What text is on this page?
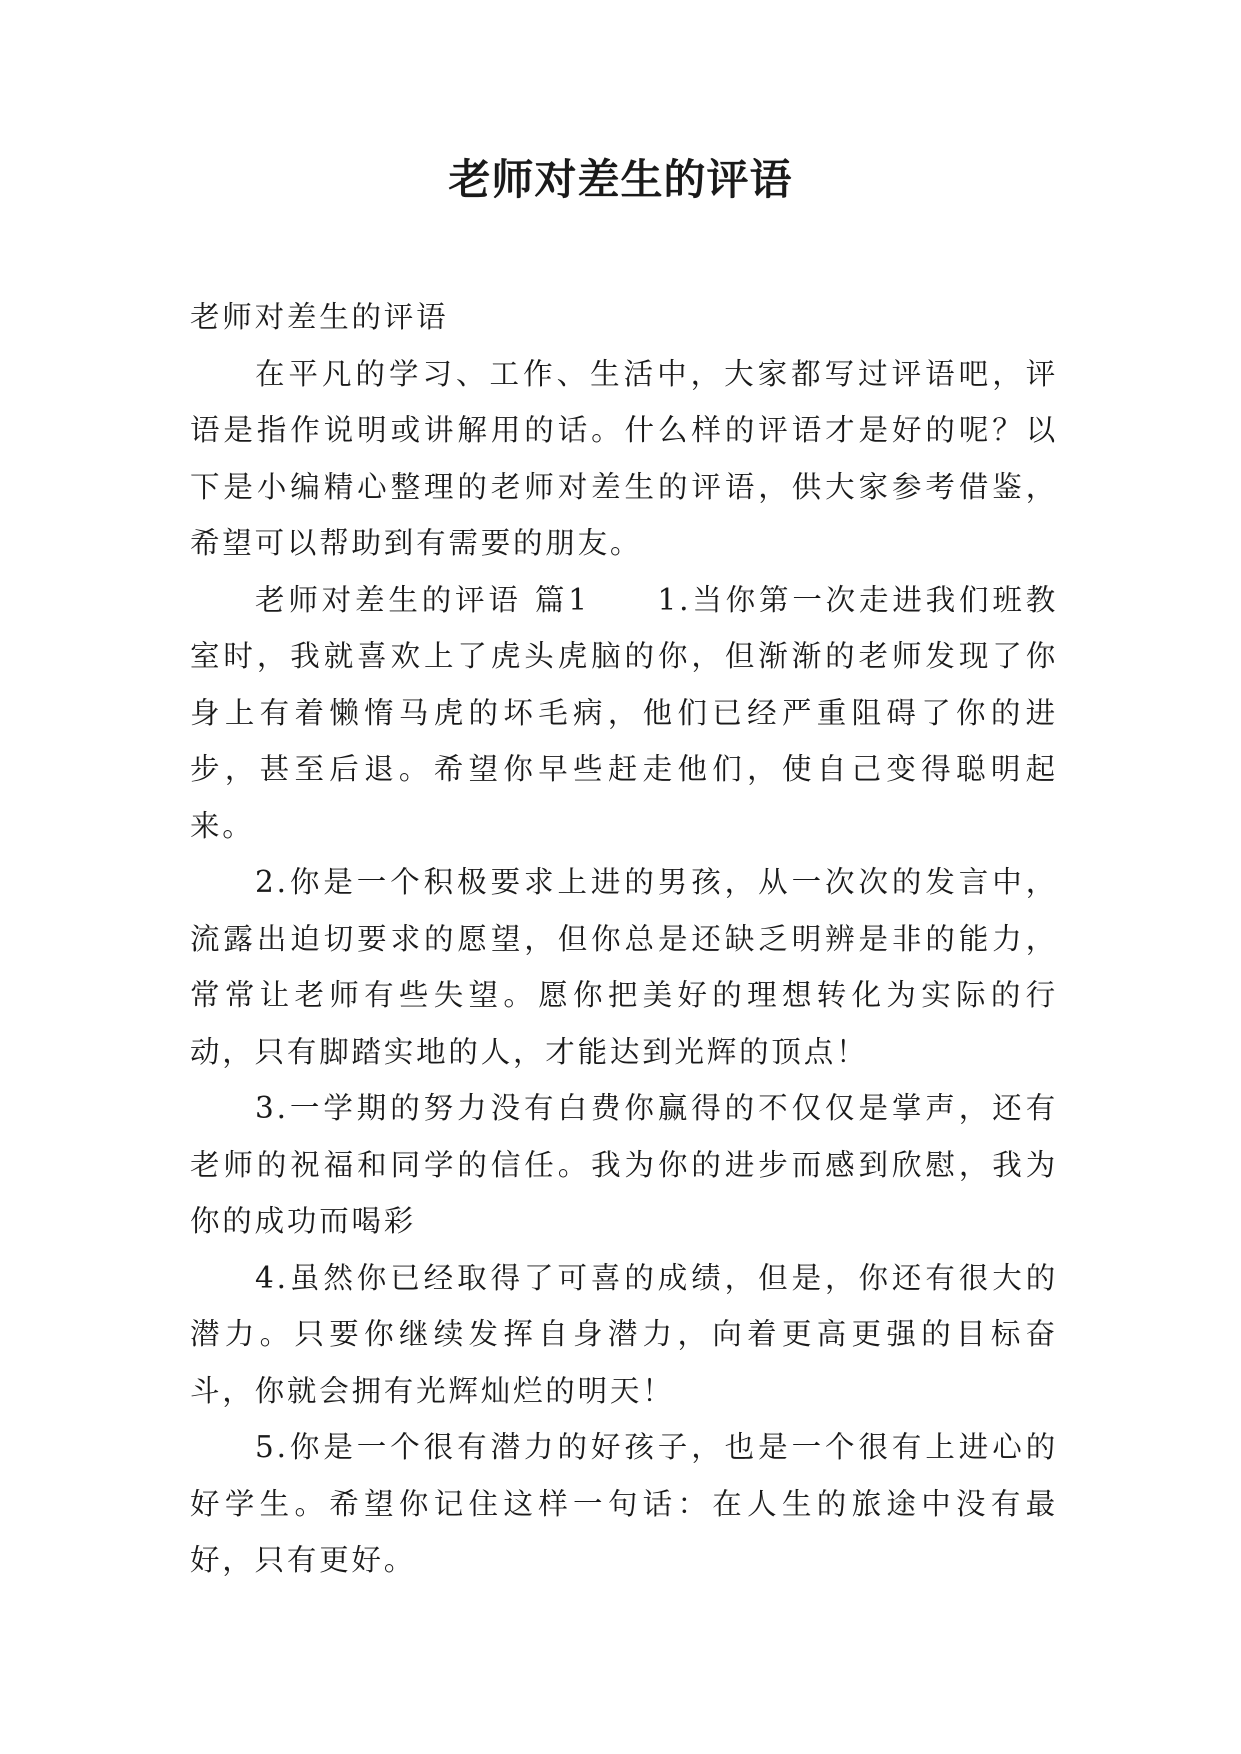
老师对差生的评语

老师对差生的评语

在平凡的学习、工作、生活中，大家都写过评语吧，评语是指作说明或讲解用的话。什么样的评语才是好的呢？以下是小编精心整理的老师对差生的评语，供大家参考借鉴，希望可以帮助到有需要的朋友。

老师对差生的评语 篇1　　1.当你第一次走进我们班教室时，我就喜欢上了虎头虎脑的你，但渐渐的老师发现了你身上有着懒惰马虎的坏毛病，他们已经严重阻碍了你的进步，甚至后退。希望你早些赶走他们，使自己变得聪明起来。

2.你是一个积极要求上进的男孩，从一次次的发言中，流露出迫切要求的愿望，但你总是还缺乏明辨是非的能力，常常让老师有些失望。愿你把美好的理想转化为实际的行动，只有脚踏实地的人，才能达到光辉的顶点！

3.一学期的努力没有白费你赢得的不仅仅是掌声，还有老师的祝福和同学的信任。我为你的进步而感到欣慰，我为你的成功而喝彩

4.虽然你已经取得了可喜的成绩，但是，你还有很大的潜力。只要你继续发挥自身潜力，向着更高更强的目标奋斗，你就会拥有光辉灿烂的明天！

5.你是一个很有潜力的好孩子，也是一个很有上进心的好学生。希望你记住这样一句话：在人生的旅途中没有最好，只有更好。
